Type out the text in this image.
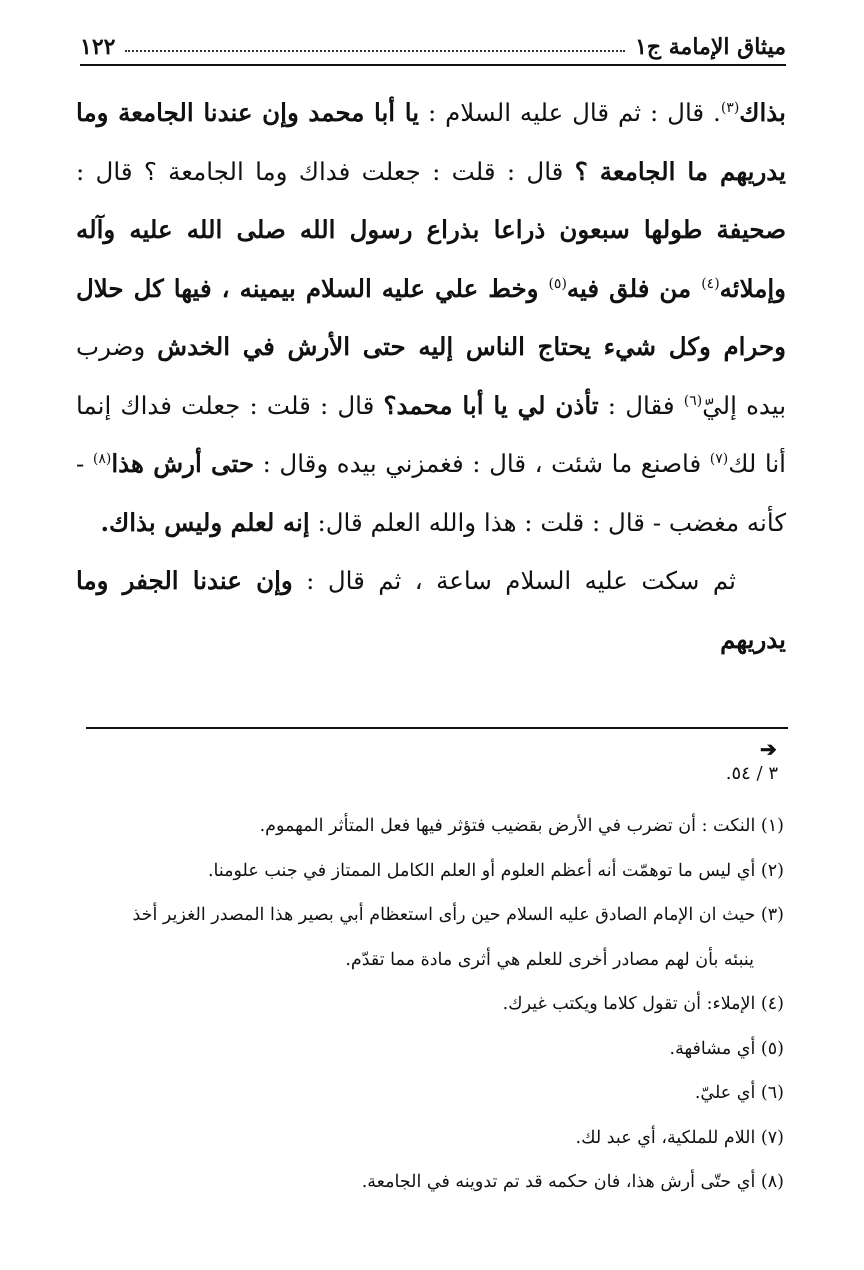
ميثاق الإمامة ج١
١٢٢

بذاك$^{(٣)}$. قال : ثم قال عليه السلام : يا أبا محمد وإن عندنا الجامعة وما يدريهم ما الجامعة ؟ قال : قلت : جعلت فداك وما الجامعة ؟ قال : صحيفة طولها سبعون ذراعا بذراع رسول الله صلى الله عليه وآله وإملائه$^{(٤)}$ من فلق فيه$^{(٥)}$ وخط علي عليه السلام بيمينه ، فيها كل حلال وحرام وكل شيء يحتاج الناس إليه حتى الأرش في الخدش وضرب بيده إليّ$^{(٦)}$ فقال : تأذن لي يا أبا محمد؟ قال : قلت : جعلت فداك إنما أنا لك$^{(٧)}$ فاصنع ما شئت ، قال : فغمزني بيده وقال : حتى أرش هذا$^{(٨)}$ - كأنه مغضب - قال : قلت : هذا والله العلم قال: إنه لعلم وليس بذاك.

ثم سكت عليه السلام ساعة ، ثم قال : وإن عندنا الجفر وما يدريهم

➔
٣ / ٥٤.

(١) النكت : أن تضرب في الأرض بقضيب فتؤثر فيها فعل المتأثر المهموم.

(٢) أي ليس ما توهمّت أنه أعظم العلوم أو العلم الكامل الممتاز في جنب علومنا.

(٣) حيث ان الإمام الصادق عليه السلام حين رأى استعظام أبي بصير هذا المصدر الغزير أخذ

ينبئه بأن لهم مصادر أخرى للعلم هي أثرى مادة مما تقدّم.

(٤) الإملاء: أن تقول كلاما ويكتب غيرك.

(٥) أي مشافهة.

(٦) أي عليّ.

(٧) اللام للملكية، أي عبد لك.

(٨) أي حتّى أرش هذا، فان حكمه قد تم تدوينه في الجامعة.
